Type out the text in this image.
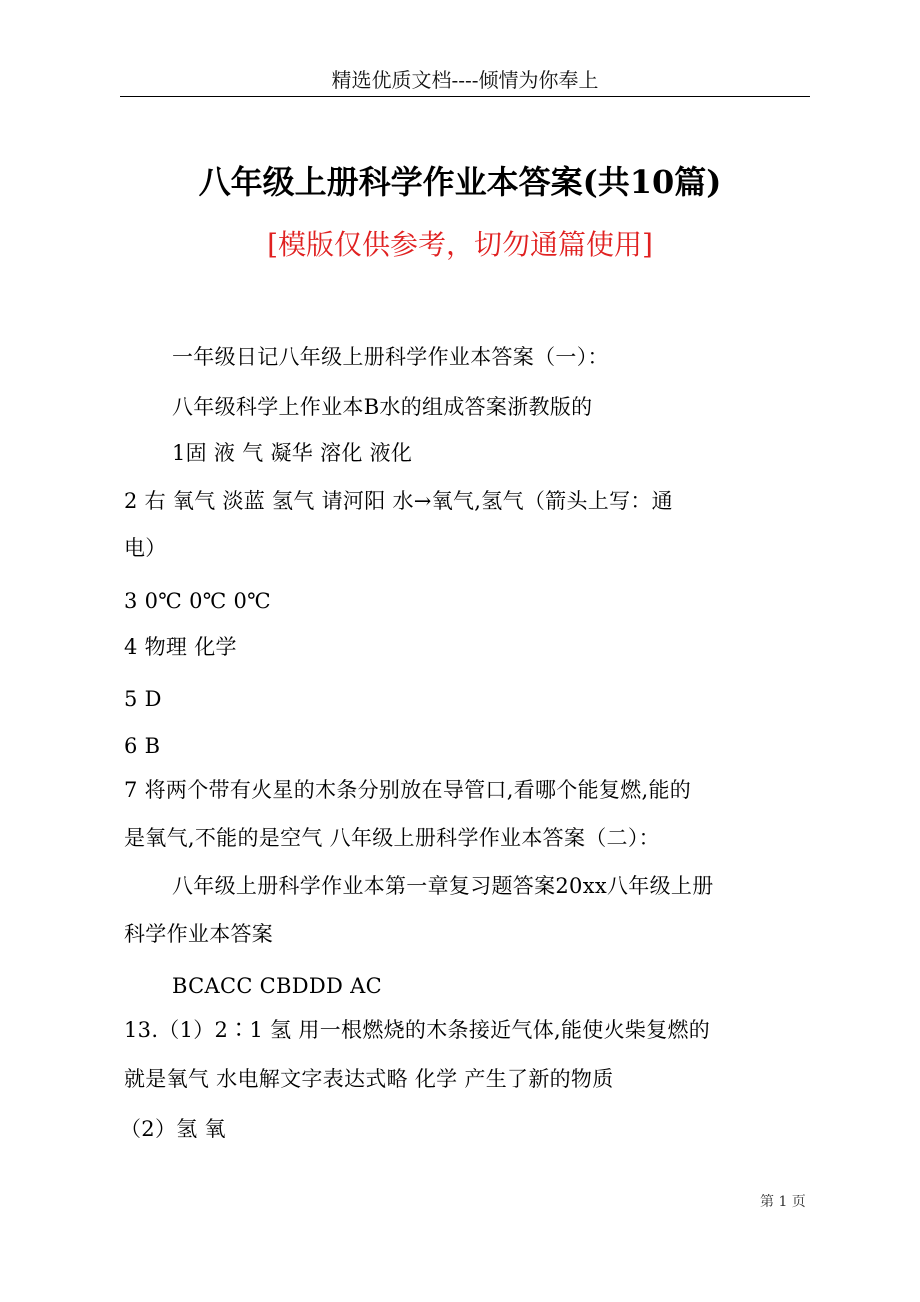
精选优质文档----倾情为你奉上
八年级上册科学作业本答案(共10篇)
[模版仅供参考，切勿通篇使用]
一年级日记八年级上册科学作业本答案（一）：
八年级科学上作业本B水的组成答案浙教版的
1固 液 气 凝华 溶化 液化
2 右 氧气 淡蓝 氢气 请河阳 水→氧气,氢气（箭头上写：通
电）
3 0℃ 0℃ 0℃
4 物理 化学
5 D
6 B
7 将两个带有火星的木条分别放在导管口,看哪个能复燃,能的
是氧气,不能的是空气 八年级上册科学作业本答案（二）：
八年级上册科学作业本第一章复习题答案20xx八年级上册
科学作业本答案
BCACC CBDDD AC
13.（1）2∶1 氢 用一根燃烧的木条接近气体,能使火柴复燃的
就是氧气 水电解文字表达式略 化学 产生了新的物质
（2）氢 氧
第 1 页
